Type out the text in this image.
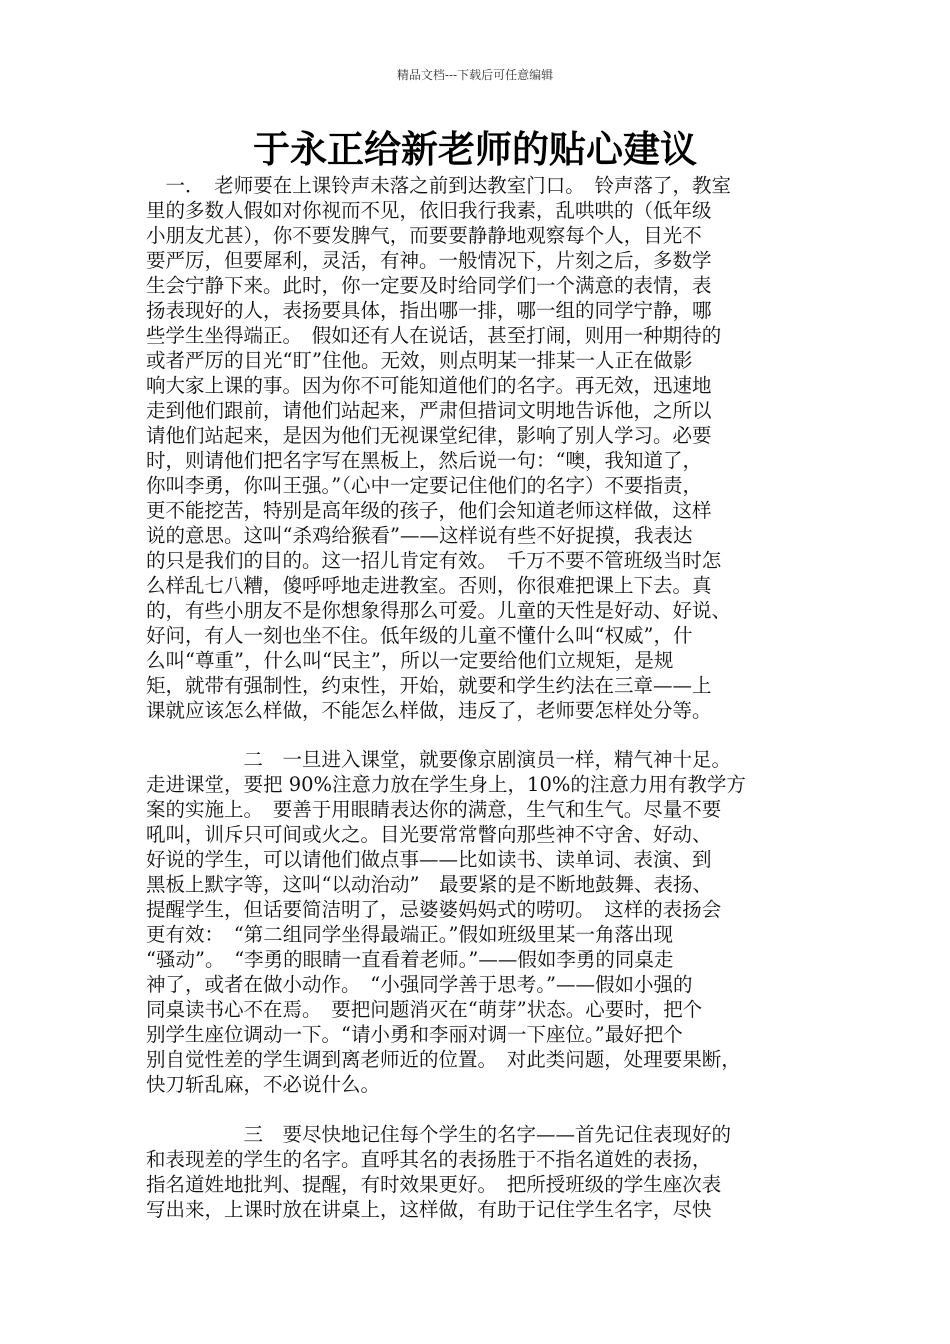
精品文档---下载后可任意编辑
于永正给新老师的贴心建议
　一．　老师要在上课铃声未落之前到达教室门口。　铃声落了，教室
里的多数人假如对你视而不见，依旧我行我素，乱哄哄的（低年级
小朋友尤甚），你不要发脾气，而要要静静地观察每个人，目光不
要严厉，但要犀利，灵活，有神。一般情况下，片刻之后，多数学
生会宁静下来。此时，你一定要及时给同学们一个满意的表情，表
扬表现好的人，表扬要具体，指出哪一排，哪一组的同学宁静，哪
些学生坐得端正。　假如还有人在说话，甚至打闹，则用一种期待的
或者严厉的目光“盯”住他。无效，则点明某一排某一人正在做影
响大家上课的事。因为你不可能知道他们的名字。再无效，迅速地
走到他们跟前，请他们站起来，严肃但措词文明地告诉他，之所以
请他们站起来，是因为他们无视课堂纪律，影响了别人学习。必要
时，则请他们把名字写在黑板上，然后说一句：“噢，我知道了，
你叫李勇，你叫王强。”（心中一定要记住他们的名字）不要指责，
更不能挖苦，特别是高年级的孩子，他们会知道老师这样做，这样
说的意思。这叫“杀鸡给猴看”——这样说有些不好捉摸，我表达
的只是我们的目的。这一招儿肯定有效。　千万不要不管班级当时怎
么样乱七八糟，傻呼呼地走进教室。否则，你很难把课上下去。真
的，有些小朋友不是你想象得那么可爱。儿童的天性是好动、好说、
好问，有人一刻也坐不住。低年级的儿童不懂什么叫“权威”，什
么叫“尊重”，什么叫“民主”，所以一定要给他们立规矩，是规
矩，就带有强制性，约束性，开始，就要和学生约法在三章——上
课就应该怎么样做，不能怎么样做，违反了，老师要怎样处分等。
　　　　　二　一旦进入课堂，就要像京剧演员一样，精气神十足。
走进课堂，要把 90%注意力放在学生身上，10%的注意力用有教学方
案的实施上。　要善于用眼睛表达你的满意，生气和生气。尽量不要
吼叫，训斥只可间或火之。目光要常常瞥向那些神不守舍、好动、
好说的学生，可以请他们做点事——比如读书、读单词、表演、到
黑板上默字等，这叫“以动治动”　最要紧的是不断地鼓舞、表扬、
提醒学生，但话要简洁明了，忌婆婆妈妈式的唠叨。　这样的表扬会
更有效：　“第二组同学坐得最端正。”假如班级里某一角落出现
“骚动”。　“李勇的眼睛一直看着老师。”——假如李勇的同桌走
神了，或者在做小动作。　“小强同学善于思考。”——假如小强的
同桌读书心不在焉。　要把问题消灭在“萌芽”状态。心要时，把个
别学生座位调动一下。“请小勇和李丽对调一下座位。”最好把个
别自觉性差的学生调到离老师近的位置。　对此类问题，处理要果断，
快刀斩乱麻，不必说什么。
　　　　　三　要尽快地记住每个学生的名字——首先记住表现好的
和表现差的学生的名字。直呼其名的表扬胜于不指名道姓的表扬，
指名道姓地批判、提醒，有时效果更好。　把所授班级的学生座次表
写出来，上课时放在讲桌上，这样做，有助于记住学生名字，尽快
